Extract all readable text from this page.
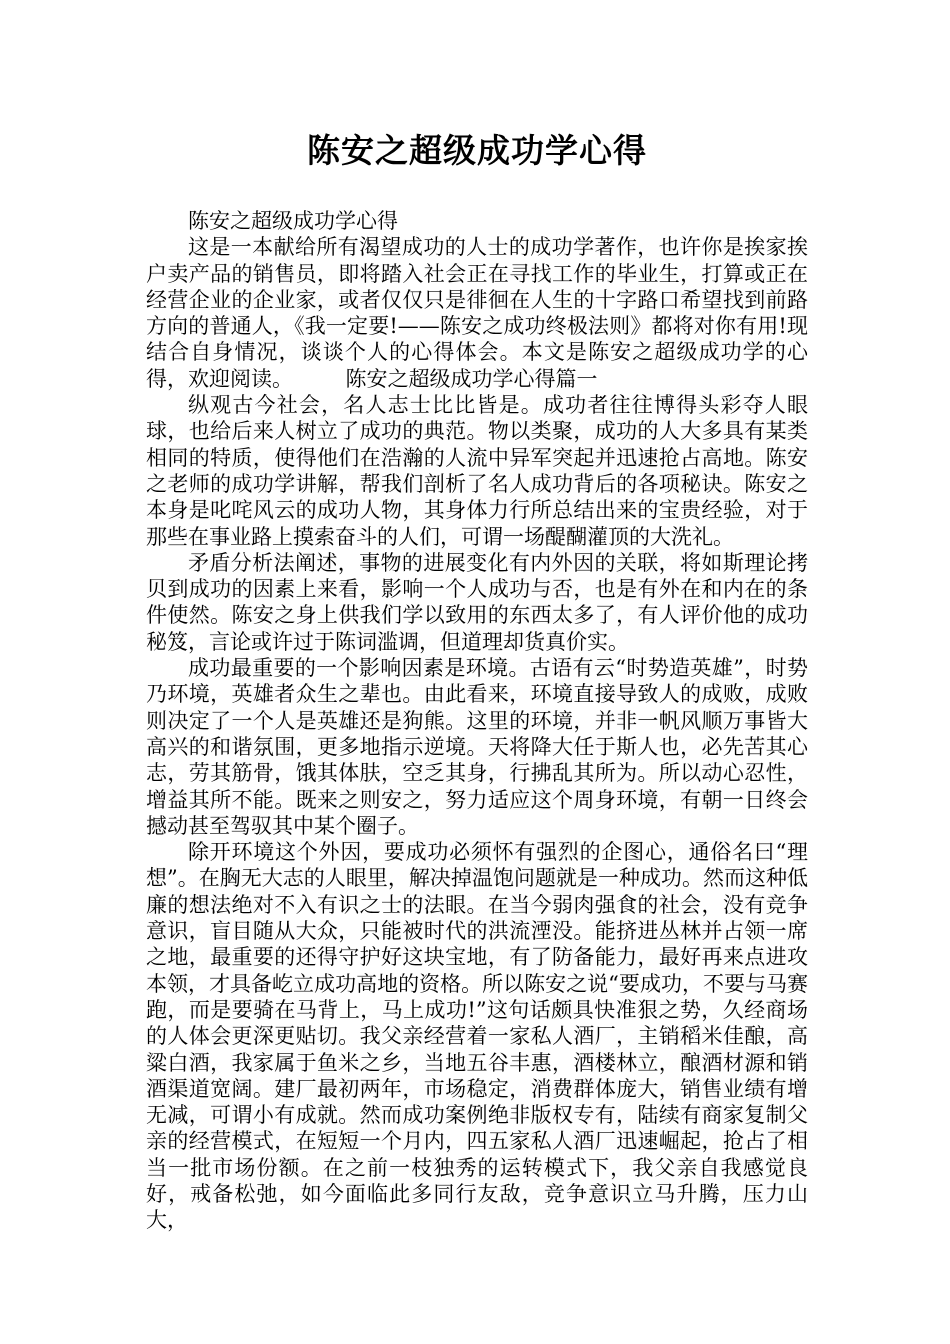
陈安之超级成功学心得

陈安之超级成功学心得

这是一本献给所有渴望成功的人士的成功学著作，也许你是挨家挨户卖产品的销售员，即将踏入社会正在寻找工作的毕业生，打算或正在经营企业的企业家，或者仅仅只是徘徊在人生的十字路口希望找到前路方向的普通人，《我一定要!——陈安之成功终极法则》都将对你有用!现结合自身情况，谈谈个人的心得体会。本文是陈安之超级成功学的心得，欢迎阅读。	陈安之超级成功学心得篇一

纵观古今社会，名人志士比比皆是。成功者往往博得头彩夺人眼球，也给后来人树立了成功的典范。物以类聚，成功的人大多具有某类相同的特质，使得他们在浩瀚的人流中异军突起并迅速抢占高地。陈安之老师的成功学讲解，帮我们剖析了名人成功背后的各项秘诀。陈安之本身是叱咤风云的成功人物，其身体力行所总结出来的宝贵经验，对于那些在事业路上摸索奋斗的人们，可谓一场醍醐灌顶的大洗礼。

矛盾分析法阐述，事物的进展变化有内外因的关联，将如斯理论拷贝到成功的因素上来看，影响一个人成功与否，也是有外在和内在的条件使然。陈安之身上供我们学以致用的东西太多了，有人评价他的成功秘笈，言论或许过于陈词滥调，但道理却货真价实。

成功最重要的一个影响因素是环境。古语有云“时势造英雄”，时势乃环境，英雄者众生之辈也。由此看来，环境直接导致人的成败，成败则决定了一个人是英雄还是狗熊。这里的环境，并非一帆风顺万事皆大高兴的和谐氛围，更多地指示逆境。天将降大任于斯人也，必先苦其心志，劳其筋骨，饿其体肤，空乏其身，行拂乱其所为。所以动心忍性，增益其所不能。既来之则安之，努力适应这个周身环境，有朝一日终会撼动甚至驾驭其中某个圈子。

除开环境这个外因，要成功必须怀有强烈的企图心，通俗名曰“理想”。在胸无大志的人眼里，解决掉温饱问题就是一种成功。然而这种低廉的想法绝对不入有识之士的法眼。在当今弱肉强食的社会，没有竞争意识，盲目随从大众，只能被时代的洪流湮没。能挤进丛林并占领一席之地，最重要的还得守护好这块宝地，有了防备能力，最好再来点进攻本领，才具备屹立成功高地的资格。所以陈安之说“要成功，不要与马赛跑，而是要骑在马背上，马上成功!”这句话颇具快准狠之势，久经商场的人体会更深更贴切。我父亲经营着一家私人酒厂，主销稻米佳酿，高粱白酒，我家属于鱼米之乡，当地五谷丰惠，酒楼林立，酿酒材源和销酒渠道宽阔。建厂最初两年，市场稳定，消费群体庞大，销售业绩有增无减，可谓小有成就。然而成功案例绝非版权专有，陆续有商家复制父亲的经营模式，在短短一个月内，四五家私人酒厂迅速崛起，抢占了相当一批市场份额。在之前一枝独秀的运转模式下，我父亲自我感觉良好，戒备松弛，如今面临此多同行友敌，竞争意识立马升腾，压力山大，
